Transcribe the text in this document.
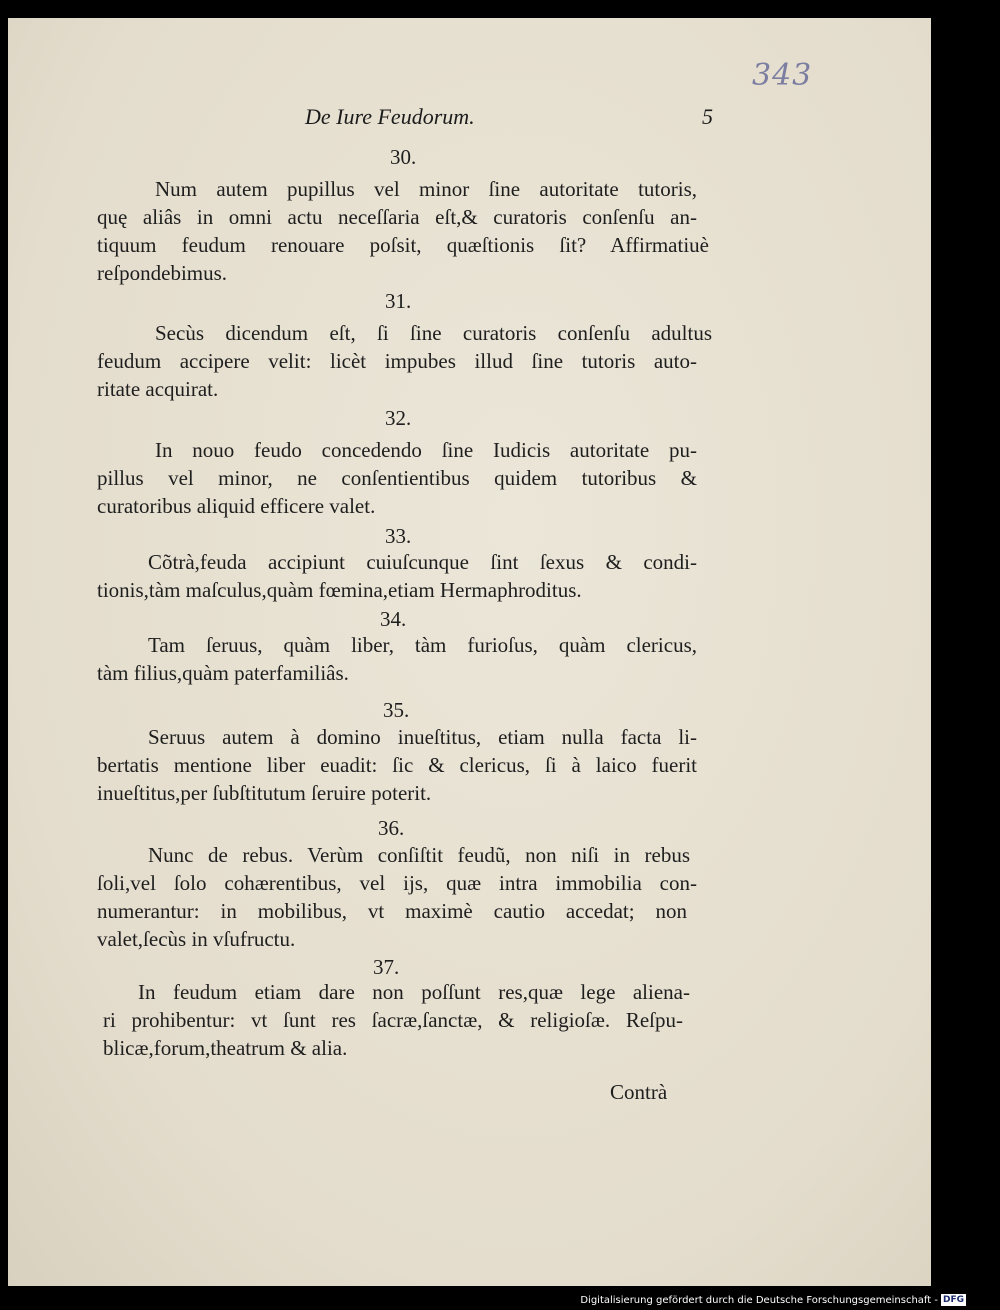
343
De Iure Feudorum.	5
30.
Num autem pupillus vel minor ſine autoritate tutoris,
quę aliâs in omni actu neceſſaria eſt,& curatoris conſenſu an-
tiquum feudum renouare poſsit, quæſtionis ſit? Affirmatiuè
reſpondebimus.
31.
Secùs dicendum eſt, ſi ſine curatoris conſenſu adultus
feudum accipere velit: licèt impubes illud ſine tutoris auto-
ritate acquirat.
32.
In nouo feudo concedendo ſine Iudicis autoritate pu-
pillus vel minor, ne conſentientibus quidem tutoribus &
curatoribus aliquid efficere valet.
33.
Cõtrà,feuda accipiunt cuiuſcunque ſint ſexus & condi-
tionis,tàm maſculus,quàm fœmina,etiam Hermaphroditus.
34.
Tam ſeruus, quàm liber, tàm furioſus, quàm clericus,
tàm filius,quàm paterfamiliâs.
35.
Seruus autem à domino inueſtitus, etiam nulla facta li-
bertatis mentione liber euadit: ſic & clericus, ſi à laico fuerit
inueſtitus,per ſubſtitutum ſeruire poterit.
36.
Nunc de rebus. Verùm conſiſtit feudũ, non niſi in rebus
ſoli,vel ſolo cohærentibus, vel ijs, quæ intra immobilia con-
numerantur: in mobilibus, vt maximè cautio accedat; non
valet,ſecùs in vſufructu.
37.
In feudum etiam dare non poſſunt res,quæ lege aliena-
ri prohibentur: vt ſunt res ſacræ,ſanctæ, & religioſæ. Reſpu-
blicæ,forum,theatrum & alia.
Contrà
Digitalisierung gefördert durch die Deutsche Forschungsgemeinschaft - DFG
